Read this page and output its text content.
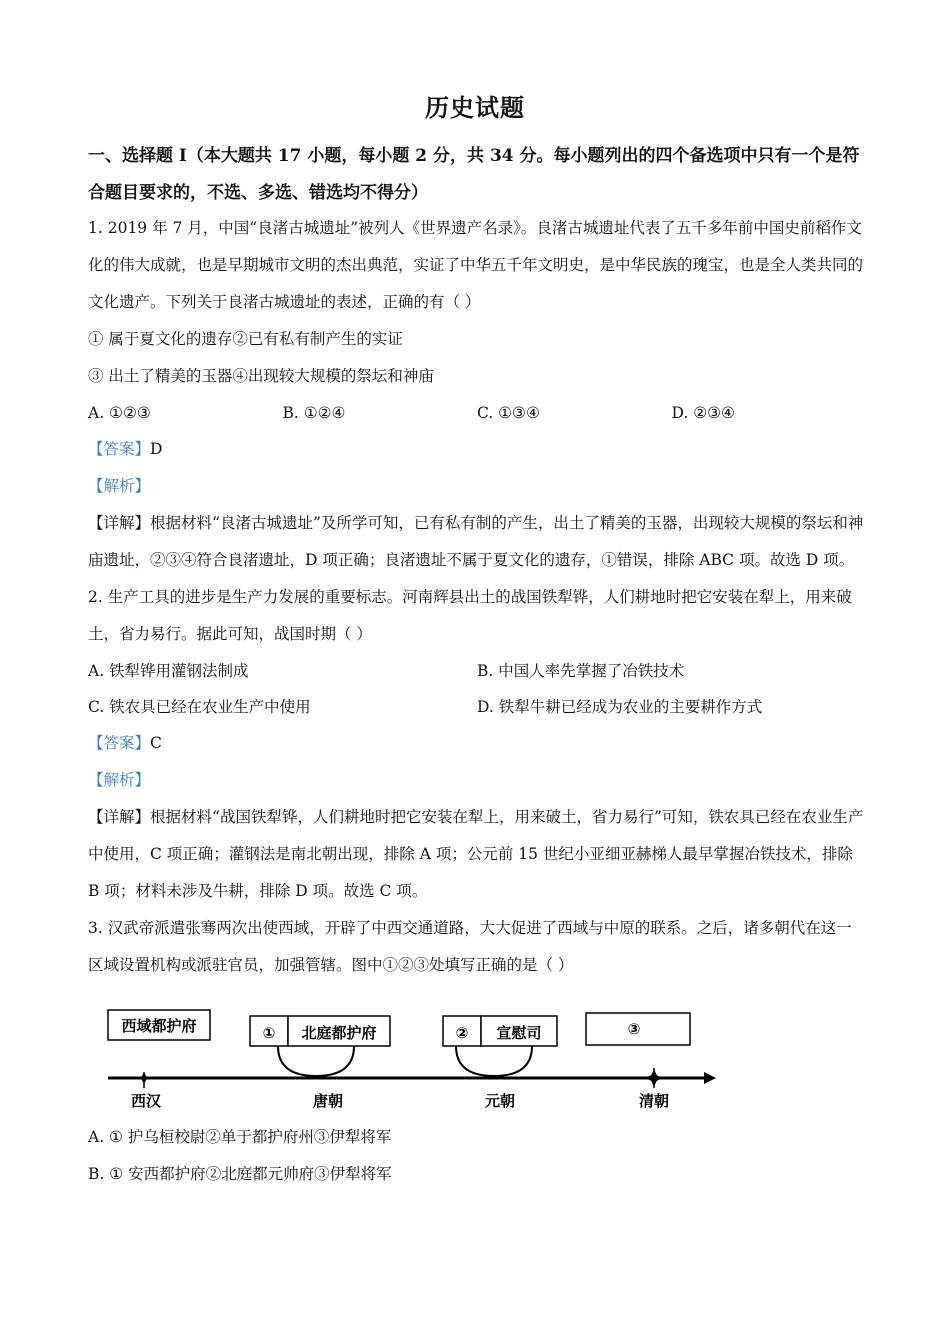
历史试题
一、选择题 I（本大题共 17 小题，每小题 2 分，共 34 分。每小题列出的四个备选项中只有一个是符合题目要求的，不选、多选、错选均不得分）

1. 2019 年 7 月，中国“良渚古城遗址”被列人《世界遗产名录》。良渚古城遗址代表了五千多年前中国史前稻作文化的伟大成就，也是早期城市文明的杰出典范，实证了中华五千年文明史，是中华民族的瑰宝，也是全人类共同的文化遗产。下列关于良渚古城遗址的表述，正确的有（ ）

① 属于夏文化的遗存②已有私有制产生的实证

③ 出土了精美的玉器④出现较大规模的祭坛和神庙

A. ①②③	B. ①②④	C. ①③④	D. ②③④

【答案】D

【解析】

【详解】根据材料“良渚古城遗址”及所学可知，已有私有制的产生，出土了精美的玉器，出现较大规模的祭坛和神庙遗址，②③④符合良渚遗址，D 项正确；良渚遗址不属于夏文化的遗存，①错误，排除 ABC 项。故选 D 项。

2. 生产工具的进步是生产力发展的重要标志。河南辉县出土的战国铁犁铧，人们耕地时把它安装在犁上，用来破土，省力易行。据此可知，战国时期（ ）

A. 铁犁铧用灌钢法制成	B. 中国人率先掌握了冶铁技术
C. 铁农具已经在农业生产中使用	D. 铁犁牛耕已经成为农业的主要耕作方式

【答案】C

【解析】

【详解】根据材料“战国铁犁铧，人们耕地时把它安装在犁上，用来破土，省力易行”可知，铁农具已经在农业生产中使用，C 项正确；灌钢法是南北朝出现，排除 A 项；公元前 15 世纪小亚细亚赫梯人最早掌握冶铁技术，排除 B 项；材料未涉及牛耕，排除 D 项。故选 C 项。

3. 汉武帝派遣张骞两次出使西域，开辟了中西交通道路，大大促进了西域与中原的联系。之后，诸多朝代在这一区域设置机构或派驻官员，加强管辖。图中①②③处填写正确的是（ ）

西域都护府	① 北庭都护府	② 宣慰司	③
西汉	唐朝	元朝	清朝

A. ① 护乌桓校尉②单于都护府州③伊犁将军

B. ① 安西都护府②北庭都元帅府③伊犁将军
